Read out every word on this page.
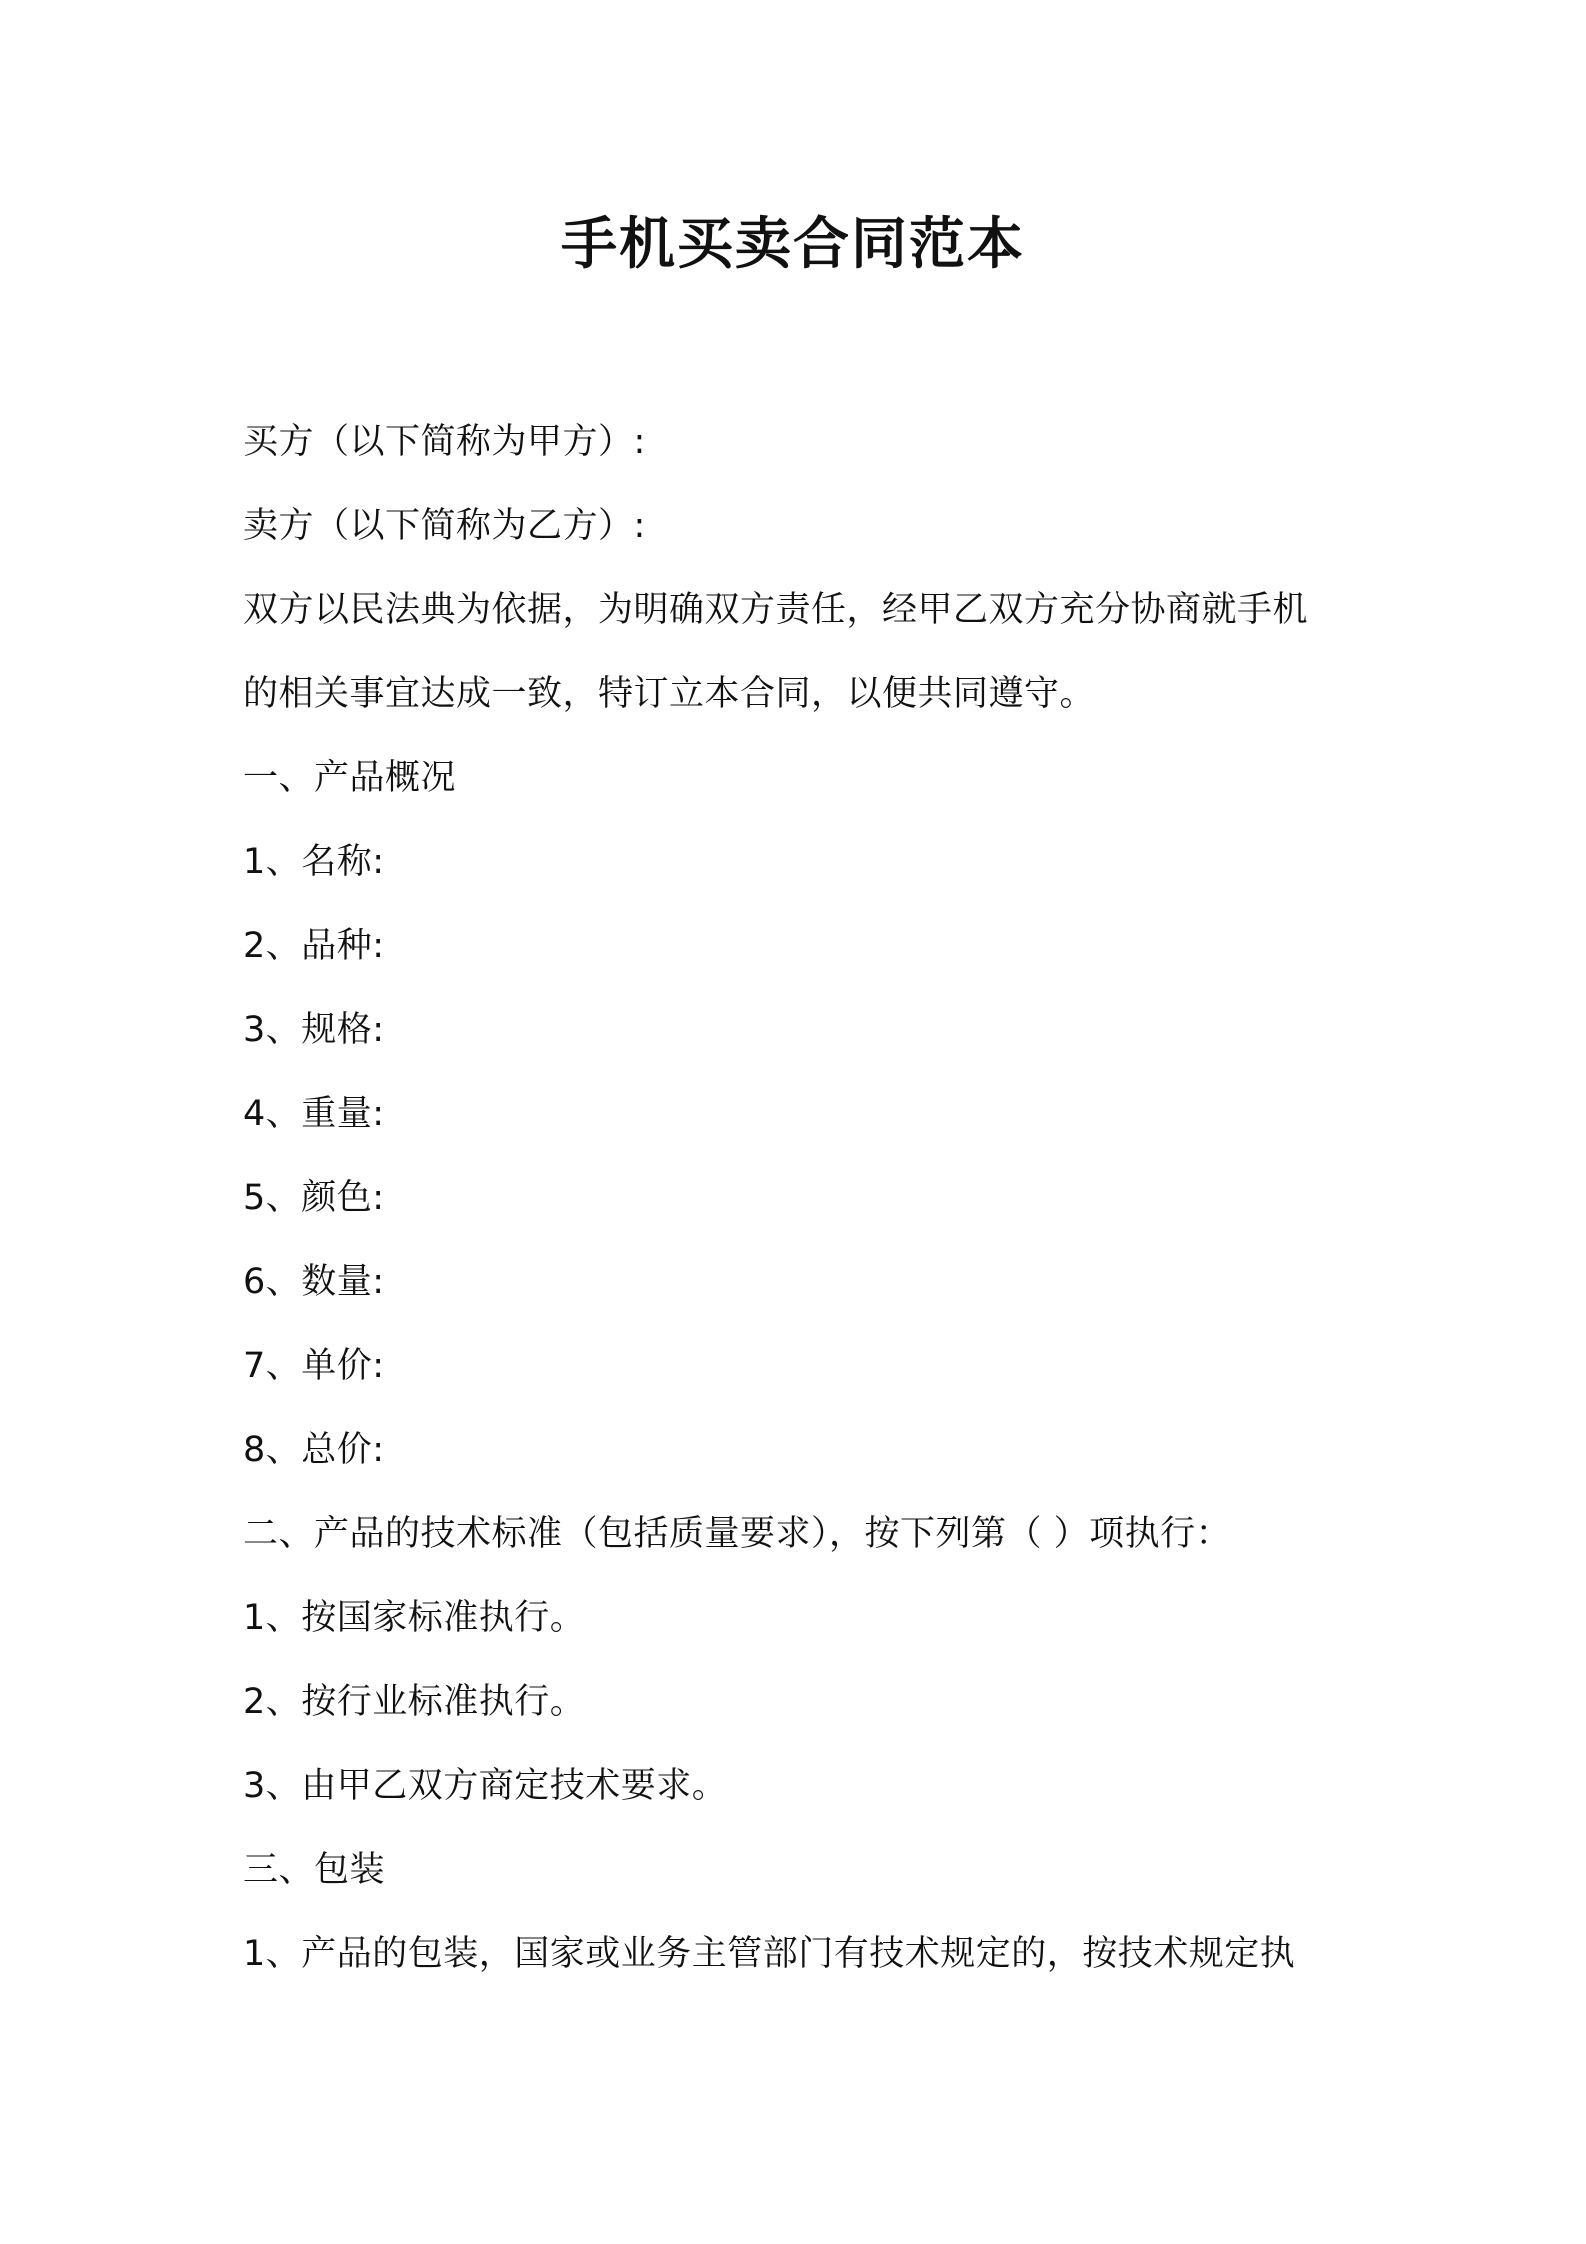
手机买卖合同范本
买方（以下简称为甲方）:
卖方（以下简称为乙方）:
双方以民法典为依据，为明确双方责任，经甲乙双方充分协商就手机
的相关事宜达成一致，特订立本合同，以便共同遵守。
一、产品概况
1、名称:
2、品种:
3、规格:
4、重量:
5、颜色:
6、数量:
7、单价:
8、总价:
二、产品的技术标准（包括质量要求），按下列第（ ）项执行：
1、按国家标准执行。
2、按行业标准执行。
3、由甲乙双方商定技术要求。
三、包装
1、产品的包装，国家或业务主管部门有技术规定的，按技术规定执
